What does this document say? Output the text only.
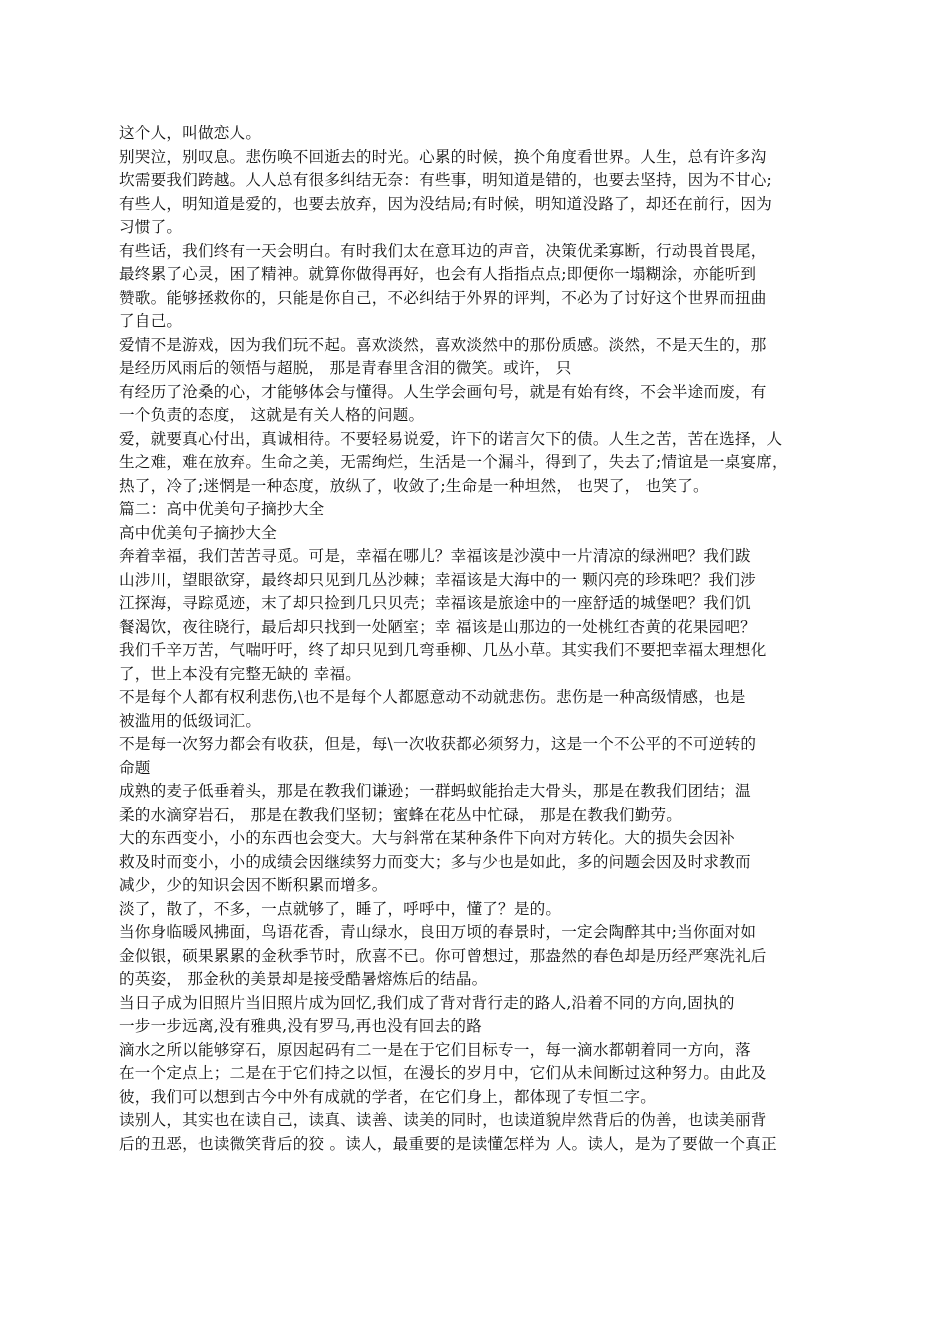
这个人，叫做恋人。
别哭泣，别叹息。悲伤唤不回逝去的时光。心累的时候，换个角度看世界。人生，总有许多沟
坎需要我们跨越。人人总有很多纠结无奈：有些事，明知道是错的，也要去坚持，因为不甘心;
有些人，明知道是爱的，也要去放弃，因为没结局;有时候，明知道没路了，却还在前行，因为
习惯了。
有些话，我们终有一天会明白。有时我们太在意耳边的声音，决策优柔寡断，行动畏首畏尾，
最终累了心灵，困了精神。就算你做得再好，也会有人指指点点;即便你一塌糊涂，亦能听到
赞歌。能够拯救你的，只能是你自己，不必纠结于外界的评判，不必为了讨好这个世界而扭曲
了自己。
爱情不是游戏，因为我们玩不起。喜欢淡然，喜欢淡然中的那份质感。淡然，不是天生的，那
是经历风雨后的领悟与超脱， 那是青春里含泪的微笑。或许， 只
有经历了沧桑的心，才能够体会与懂得。人生学会画句号，就是有始有终，不会半途而废，有
一个负责的态度， 这就是有关人格的问题。
爱，就要真心付出，真诚相待。不要轻易说爱，许下的诺言欠下的债。人生之苦，苦在选择，人
生之难，难在放弃。生命之美，无需绚烂，生活是一个漏斗，得到了，失去了;情谊是一桌宴席，
热了，冷了;迷惘是一种态度，放纵了，收敛了;生命是一种坦然， 也哭了， 也笑了。
篇二：高中优美句子摘抄大全
高中优美句子摘抄大全
奔着幸福，我们苦苦寻觅。可是，幸福在哪儿？幸福该是沙漠中一片清凉的绿洲吧？我们跋
山涉川，望眼欲穿，最终却只见到几丛沙棘；幸福该是大海中的一 颗闪亮的珍珠吧？我们涉
江探海，寻踪觅迹，末了却只捡到几只贝壳；幸福该是旅途中的一座舒适的城堡吧？我们饥
餐渴饮，夜往晓行，最后却只找到一处陋室；幸 福该是山那边的一处桃红杏黄的花果园吧？
我们千辛万苦，气喘吁吁，终了却只见到几弯垂柳、几丛小草。其实我们不要把幸福太理想化
了，世上本没有完整无缺的 幸福。
不是每个人都有权利悲伤,\也不是每个人都愿意动不动就悲伤。悲伤是一种高级情感，也是
被滥用的低级词汇。
不是每一次努力都会有收获，但是，每\一次收获都必须努力，这是一个不公平的不可逆转的
命题
成熟的麦子低垂着头，那是在教我们谦逊；一群蚂蚁能抬走大骨头，那是在教我们团结；温
柔的水滴穿岩石， 那是在教我们坚韧；蜜蜂在花丛中忙碌， 那是在教我们勤劳。
大的东西变小，小的东西也会变大。大与斜常在某种条件下向对方转化。大的损失会因补
救及时而变小，小的成绩会因继续努力而变大；多与少也是如此，多的问题会因及时求教而
减少，少的知识会因不断积累而增多。
淡了，散了，不多，一点就够了，睡了，呼呼中，懂了？是的。
当你身临暖风拂面，鸟语花香，青山绿水，良田万顷的春景时，一定会陶醉其中;当你面对如
金似银，硕果累累的金秋季节时，欣喜不已。你可曾想过，那盎然的春色却是历经严寒洗礼后
的英姿， 那金秋的美景却是接受酷暑熔炼后的结晶。
当日子成为旧照片当旧照片成为回忆,我们成了背对背行走的路人,沿着不同的方向,固执的
一步一步远离,没有雅典,没有罗马,再也没有回去的路
滴水之所以能够穿石，原因起码有二一是在于它们目标专一，每一滴水都朝着同一方向，落
在一个定点上；二是在于它们持之以恒，在漫长的岁月中，它们从未间断过这种努力。由此及
彼，我们可以想到古今中外有成就的学者，在它们身上，都体现了专恒二字。
读别人，其实也在读自己，读真、读善、读美的同时，也读道貌岸然背后的伪善，也读美丽背
后的丑恶，也读微笑背后的狡 。读人，最重要的是读懂怎样为 人。读人，是为了要做一个真正
